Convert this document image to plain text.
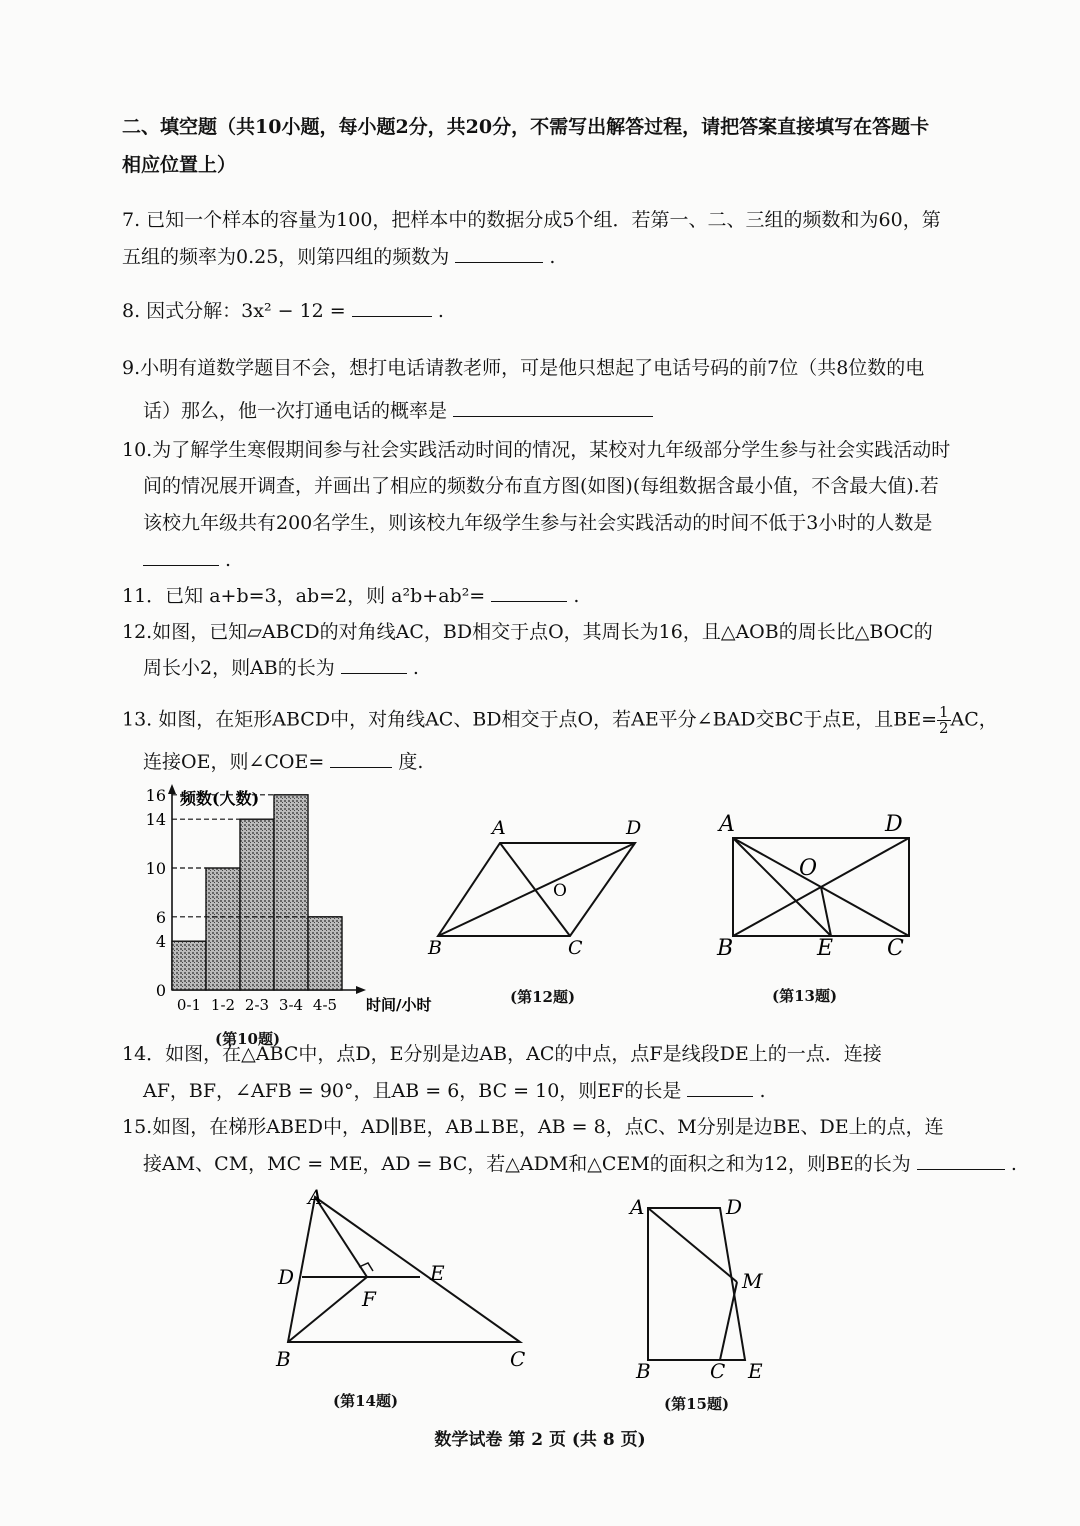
二、填空题（共10小题，每小题2分，共20分，不需写出解答过程，请把答案直接填写在答题卡
相应位置上）
7. 已知一个样本的容量为100，把样本中的数据分成5个组．若第一、二、三组的频数和为60，第
五组的频率为0.25，则第四组的频数为	.
8. 因式分解：3x² − 12 =	.
9.小明有道数学题目不会，想打电话请教老师，可是他只想起了电话号码的前7位（共8位数的电
话）那么，他一次打通电话的概率是
10.为了解学生寒假期间参与社会实践活动时间的情况，某校对九年级部分学生参与社会实践活动时
间的情况展开调查，并画出了相应的频数分布直方图(如图)(每组数据含最小值，不含最大值).若
该校九年级共有200名学生，则该校九年级学生参与社会实践活动的时间不低于3小时的人数是
.
11．已知 a+b=3，ab=2，则 a²b+ab²=	.
12.如图，已知▱ABCD的对角线AC，BD相交于点O，其周长为16，且△AOB的周长比△BOC的
周长小2，则AB的长为	.
13. 如图，在矩形ABCD中，对角线AC、BD相交于点O，若AE平分∠BAD交BC于点E，且$BE= \frac{1}{2}$ AC，
连接OE，则∠COE=	度.
频数(人数)
时间/小时
0-1 1-2 2-3 3-4 4-5
0
4
6
10
14
16
(第10题)
A	D
O
B	C
(第12题)
A	D
O
B	E C
(第13题)
14．如图，在△ABC中，点D，E分别是边AB，AC的中点，点F是线段DE上的一点．连接
AF，BF，∠AFB = 90°，且AB = 6，BC = 10，则EF的长是	.
15.如图，在梯形ABED中，AD∥BE，AB⊥BE，AB = 8，点C、M分别是边BE、DE上的点，连
接AM、CM，MC = ME，AD = BC，若△ADM和△CEM的面积之和为12，则BE的长为	.
A
D	E
F
B	C
(第14题)
A	D
M
B	C E
(第15题)
数学试卷 第 2 页 (共 8 页)
